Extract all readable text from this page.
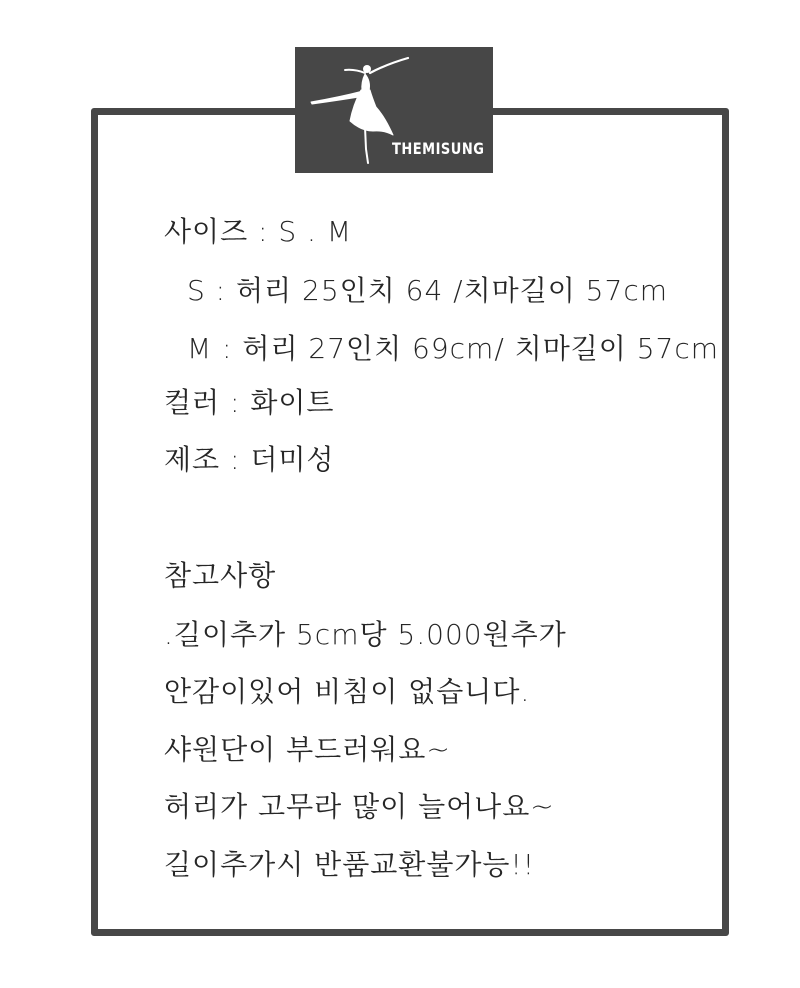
THEMISUNG
사이즈 : S . M
S : 허리 25인치 64 /치마길이 57cm
M : 허리 27인치 69cm/ 치마길이 57cm
컬러 : 화이트
제조 : 더미성
참고사항
.길이추가 5cm당 5.000원추가
안감이있어 비침이 없습니다.
샤원단이 부드러워요~
허리가 고무라 많이 늘어나요~
길이추가시 반품교환불가능!!
